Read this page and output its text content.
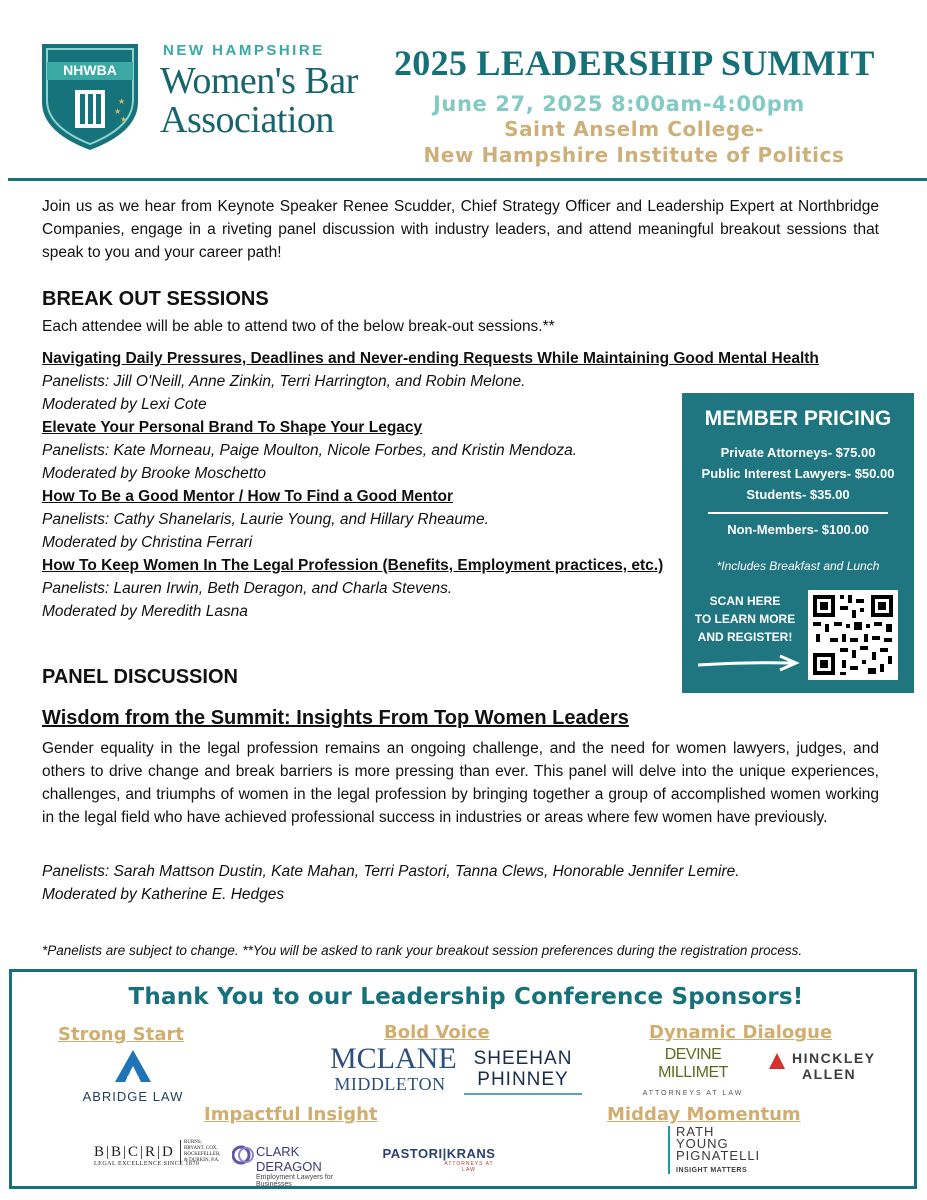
NHWBA
★
★
★
NEW HAMPSHIRE
Women's Bar
Association
2025 LEADERSHIP SUMMIT
June 27, 2025 8:00am-4:00pm
Saint Anselm College-
New Hampshire Institute of Politics

Join us as we hear from Keynote Speaker Renee Scudder, Chief Strategy Officer and Leadership Expert at Northbridge Companies, engage in a riveting panel discussion with industry leaders, and attend meaningful breakout sessions that speak to you and your career path!

BREAK OUT SESSIONS
Each attendee will be able to attend two of the below break-out sessions.**
Navigating Daily Pressures, Deadlines and Never-ending Requests While Maintaining Good Mental Health
Panelists: Jill O'Neill, Anne Zinkin, Terri Harrington, and Robin Melone.
Moderated by Lexi Cote
Elevate Your Personal Brand To Shape Your Legacy
Panelists: Kate Morneau, Paige Moulton, Nicole Forbes, and Kristin Mendoza.
Moderated by Brooke Moschetto
How To Be a Good Mentor / How To Find a Good Mentor
Panelists: Cathy Shanelaris, Laurie Young, and Hillary Rheaume.
Moderated by Christina Ferrari
How To Keep Women In The Legal Profession (Benefits, Employment practices, etc.)
Panelists: Lauren Irwin, Beth Deragon, and Charla Stevens.
Moderated by Meredith Lasna
MEMBER PRICING
Private Attorneys- $75.00
Public Interest Lawyers- $50.00
Students- $35.00
Non-Members- $100.00
*Includes Breakfast and Lunch
SCAN HERE
TO LEARN MORE
AND REGISTER!
PANEL DISCUSSION
Wisdom from the Summit: Insights From Top Women Leaders

Gender equality in the legal profession remains an ongoing challenge, and the need for women lawyers, judges, and others to drive change and break barriers is more pressing than ever. This panel will delve into the unique experiences, challenges, and triumphs of women in the legal profession by bringing together a group of accomplished women working in the legal field who have achieved professional success in industries or areas where few women have previously.

Panelists: Sarah Mattson Dustin, Kate Mahan, Terri Pastori, Tanna Clews, Honorable Jennifer Lemire.
Moderated by Katherine E. Hedges
*Panelists are subject to change. **You will be asked to rank your breakout session preferences during the registration process.
Thank You to our Leadership Conference Sponsors!
Strong Start	Bold Voice	Dynamic Dialogue
Impactful Insight	Midday Momentum
ABRIDGE LAW
MCLANE
MIDDLETON
SHEEHAN
PHINNEY
DEVINE MILLIMET
ATTORNEYS AT LAW
HINCKLEY
ALLEN
B|B|C|R|D
LEGAL EXCELLENCE SINCE 1870
BURNS, BRYANT, COX, ROCKEFELLER, & DURKIN, P.A.
CLARK DERAGON
Employment Lawyers for Businesses
PASTORI|KRANS
ATTORNEYS AT LAW
RATH
YOUNG
PIGNATELLI
INSIGHT MATTERS
